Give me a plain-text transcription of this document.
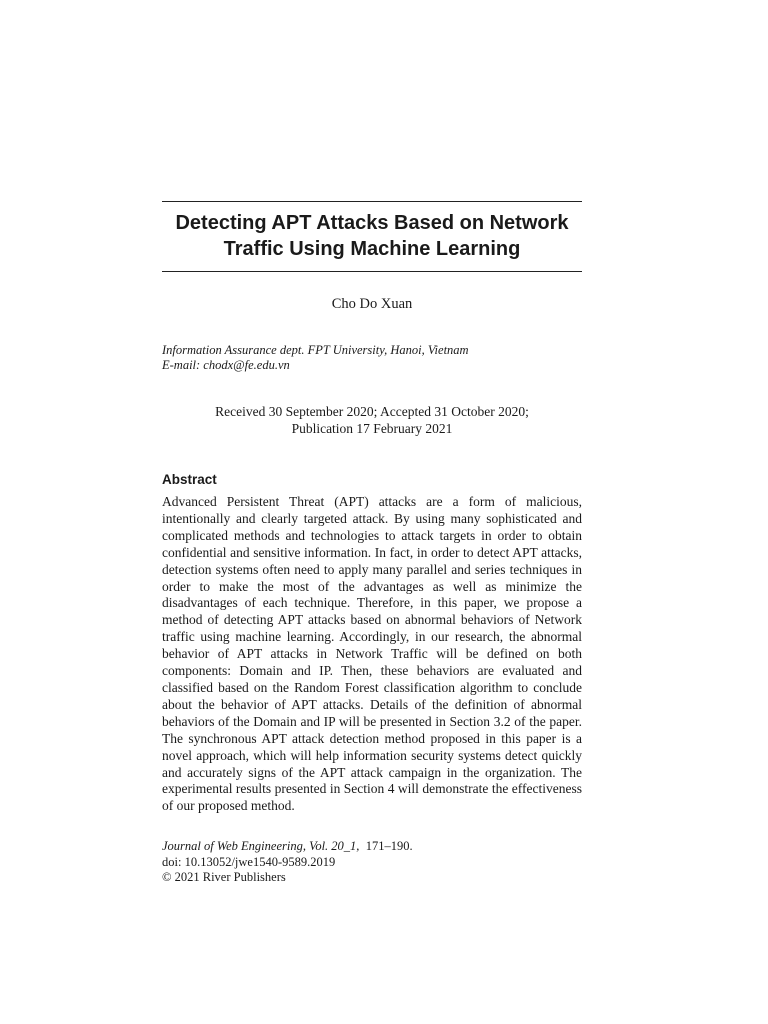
Detecting APT Attacks Based on Network
Traffic Using Machine Learning
Cho Do Xuan
Information Assurance dept. FPT University, Hanoi, Vietnam
E-mail: chodx@fe.edu.vn
Received 30 September 2020; Accepted 31 October 2020;
Publication 17 February 2021
Abstract
Advanced Persistent Threat (APT) attacks are a form of malicious, intentionally and clearly targeted attack. By using many sophisticated and complicated methods and technologies to attack targets in order to obtain confidential and sensitive information. In fact, in order to detect APT attacks, detection systems often need to apply many parallel and series techniques in order to make the most of the advantages as well as minimize the disadvantages of each technique. Therefore, in this paper, we propose a method of detecting APT attacks based on abnormal behaviors of Network traffic using machine learning. Accordingly, in our research, the abnormal behavior of APT attacks in Network Traffic will be defined on both components: Domain and IP. Then, these behaviors are evaluated and classified based on the Random Forest classification algorithm to conclude about the behavior of APT attacks. Details of the definition of abnormal behaviors of the Domain and IP will be presented in Section 3.2 of the paper. The synchronous APT attack detection method proposed in this paper is a novel approach, which will help information security systems detect quickly and accurately signs of the APT attack campaign in the organization. The experimental results presented in Section 4 will demonstrate the effectiveness of our proposed method.
Journal of Web Engineering, Vol. 20_1, 171–190.
doi: 10.13052/jwe1540-9589.2019
© 2021 River Publishers
